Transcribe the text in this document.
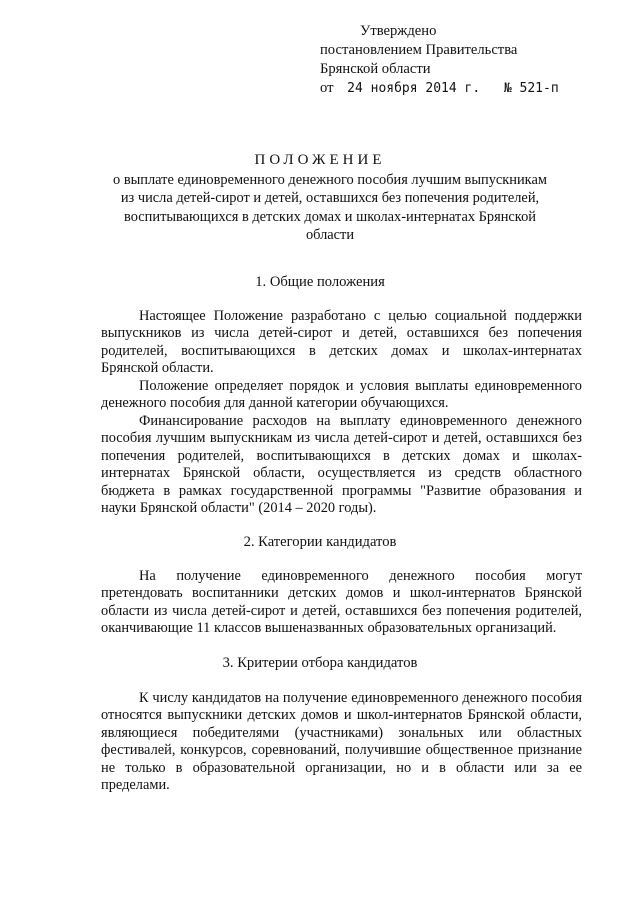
Утверждено
постановлением Правительства
Брянской области
от 24 ноября 2014 г. № 521-п
ПОЛОЖЕНИЕ
о выплате единовременного денежного пособия лучшим выпускникам из числа детей-сирот и детей, оставшихся без попечения родителей, воспитывающихся в детских домах и школах-интернатах Брянской области
1. Общие положения
Настоящее Положение разработано с целью социальной поддержки выпускников из числа детей-сирот и детей, оставшихся без попечения родителей, воспитывающихся в детских домах и школах-интернатах Брянской области.
Положение определяет порядок и условия выплаты единовременного денежного пособия для данной категории обучающихся.
Финансирование расходов на выплату единовременного денежного пособия лучшим выпускникам из числа детей-сирот и детей, оставшихся без попечения родителей, воспитывающихся в детских домах и школах-интернатах Брянской области, осуществляется из средств областного бюджета в рамках государственной программы "Развитие образования и науки Брянской области" (2014 – 2020 годы).
2. Категории кандидатов
На получение единовременного денежного пособия могут претендовать воспитанники детских домов и школ-интернатов Брянской области из числа детей-сирот и детей, оставшихся без попечения родителей, оканчивающие 11 классов вышеназванных образовательных организаций.
3. Критерии отбора кандидатов
К числу кандидатов на получение единовременного денежного пособия относятся выпускники детских домов и школ-интернатов Брянской области, являющиеся победителями (участниками) зональных или областных фестивалей, конкурсов, соревнований, получившие общественное признание не только в образовательной организации, но и в области или за ее пределами.
